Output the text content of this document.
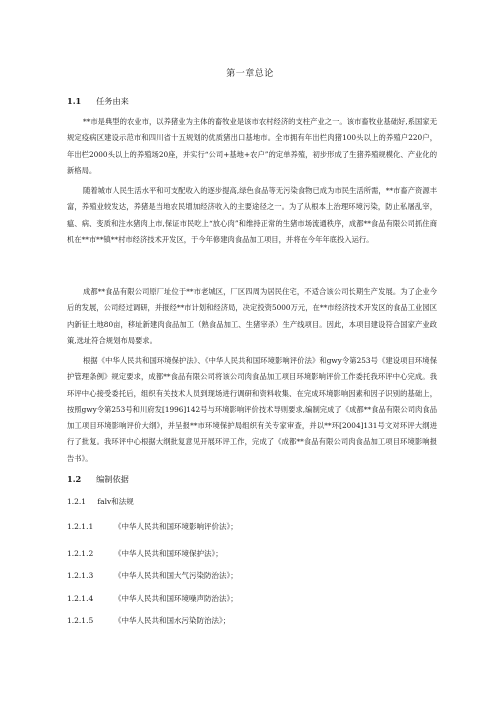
第一章总论
1.1 任务由来

**市是典型的农业市，以养猪业为主体的畜牧业是该市农村经济的支柱产业之一。该市畜牧业基础好,系国家无规定疫病区建设示范市和四川省十五规划的优质猪出口基地市。全市拥有年出栏肉猪100头以上的养殖户220户，年出栏2000头以上的养殖场20座，并实行“公司+基地+农户”的定单养殖，初步形成了生猪养殖规模化、产业化的新格局。

随着城市人民生活水平和可支配收入的逐步提高,绿色食品等无污染食物已成为市民生活所需，**市畜产资源丰富，养殖业较发达，养猪是当地农民增加经济收入的主要途径之一。为了从根本上治理环境污染，防止私屠乱宰，瘟、病、变质和注水猪肉上市,保证市民吃上“放心肉”和维持正常的生猪市场流通秩序，成都**食品有限公司抓住商机在**市**镇**村市经济技术开发区，于今年修建肉食品加工项目，并将在今年年底投入运行。

成都**食品有限公司原厂址位于**市老城区，厂区四周为居民住宅，不适合该公司长期生产发展。为了企业今后的发展，公司经过调研，并报经**市计划和经济局，决定投资5000万元，在**市经济技术开发区的食品工业园区内新征土地80亩，移址新建肉食品加工（熟食品加工、生猪宰杀）生产线项目。因此，本项目建设符合国家产业政策,选址符合规划布局要求。

根据《中华人民共和国环境保护法》、《中华人民共和国环境影响评价法》和gwy令第253号《建设项目环境保护管理条例》规定要求，成都**食品有限公司将该公司肉食品加工项目环境影响评价工作委托我环评中心完成。我环评中心接受委托后，组织有关技术人员到现场进行调研和资料收集、在完成环境影响因素和因子识别的基础上，按照gwy令第253号和川府发[1996]142号与环境影响评价技术导则要求,编制完成了《成都**食品有限公司肉食品加工项目环境影响评价大纲》，并呈报**市环境保护局组织有关专家审查，并以**环[2004]131号文对环评大纲进行了批复。我环评中心根据大纲批复意见开展环评工作，完成了《成都**食品有限公司肉食品加工项目环境影响报告书》。

1.2 编制依据
1.2.1 falv和法规
1.2.1.1	《中华人民共和国环境影响评价法》；
1.2.1.2	《中华人民共和国环境保护法》；
1.2.1.3	《中华人民共和国大气污染防治法》；
1.2.1.4	《中华人民共和国环境噪声防治法》；
1.2.1.5	《中华人民共和国水污染防治法》；
